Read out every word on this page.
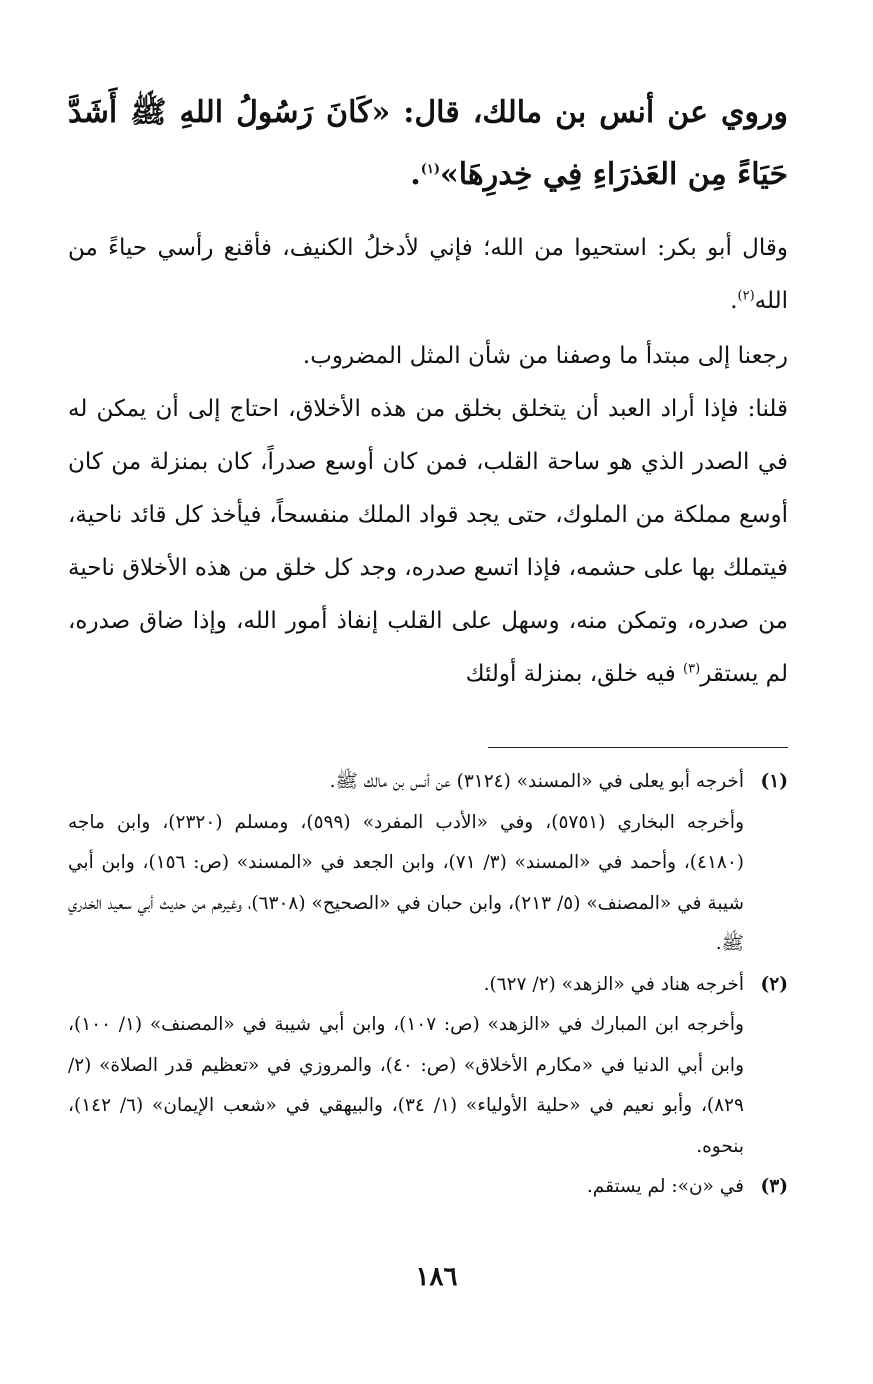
وروي عن أنس بن مالك، قال: «كَانَ رَسُولُ اللهِ ﷺ أَشَدَّ حَيَاءً مِن العَذرَاءِ فِي خِدرِهَا»$^{(١)}$.
وقال أبو بكر: استحيوا من الله؛ فإني لأدخلُ الكنيف، فأقنع رأسي حياءً من الله$^{(٢)}$.
رجعنا إلى مبتدأ ما وصفنا من شأن المثل المضروب.
قلنا: فإذا أراد العبد أن يتخلق بخلق من هذه الأخلاق، احتاج إلى أن يمكن له في الصدر الذي هو ساحة القلب، فمن كان أوسع صدراً، كان بمنزلة من كان أوسع مملكة من الملوك، حتى يجد قواد الملك منفسحاً، فيأخذ كل قائد ناحية، فيتملك بها على حشمه، فإذا اتسع صدره، وجد كل خلق من هذه الأخلاق ناحية من صدره، وتمكن منه، وسهل على القلب إنفاذ أمور الله، وإذا ضاق صدره، لم يستقر$^{(٣)}$ فيه خلق، بمنزلة أولئك
(١)
أخرجه أبو يعلى في «المسند» (٣١٢٤) عن أنس بن مالك ﷺ.
وأخرجه البخاري (٥٧٥١)، وفي «الأدب المفرد» (٥٩٩)، ومسلم (٢٣٢٠)، وابن ماجه (٤١٨٠)، وأحمد في «المسند» (٣/ ٧١)، وابن الجعد في «المسند» (ص: ١٥٦)، وابن أبي شيبة في «المصنف» (٥/ ٢١٣)، وابن حبان في «الصحيح» (٦٣٠٨)، وغيرهم من حديث أبي سعيد الخدري ﷺ.
(٢)
أخرجه هناد في «الزهد» (٢/ ٦٢٧).
وأخرجه ابن المبارك في «الزهد» (ص: ١٠٧)، وابن أبي شيبة في «المصنف» (١/ ١٠٠)، وابن أبي الدنيا في «مكارم الأخلاق» (ص: ٤٠)، والمروزي في «تعظيم قدر الصلاة» (٢/ ٨٢٩)، وأبو نعيم في «حلية الأولياء» (١/ ٣٤)، والبيهقي في «شعب الإيمان» (٦/ ١٤٢)، بنحوه.
(٣)
في «ن»: لم يستقم.
١٨٦
